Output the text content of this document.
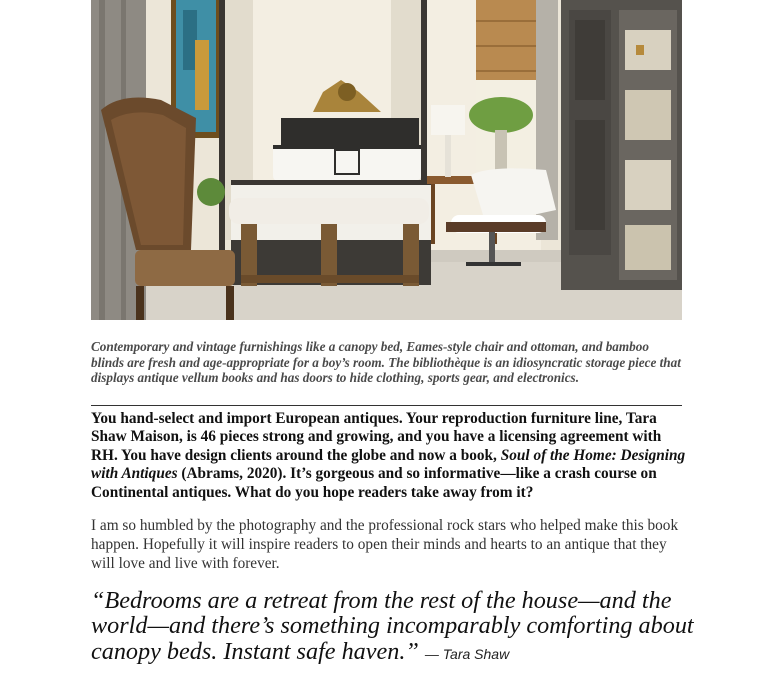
Contemporary and vintage furnishings like a canopy bed, Eames-style chair and ottoman, and bamboo blinds are fresh and age-appropriate for a boy’s room. The bibliothèque is an idiosyncratic storage piece that displays antique vellum books and has doors to hide clothing, sports gear, and electronics.

You hand-select and import European antiques. Your reproduction furniture line, Tara Shaw Maison, is 46 pieces strong and growing, and you have a licensing agreement with RH. You have design clients around the globe and now a book, Soul of the Home: Designing with Antiques (Abrams, 2020). It’s gorgeous and so informative—like a crash course on Continental antiques. What do you hope readers take away from it?

I am so humbled by the photography and the professional rock stars who helped make this book happen. Hopefully it will inspire readers to open their minds and hearts to an antique that they will love and live with forever.

“Bedrooms are a retreat from the rest of the house—and the world—and there’s something incomparably comforting about canopy beds. Instant safe haven.” — Tara Shaw
